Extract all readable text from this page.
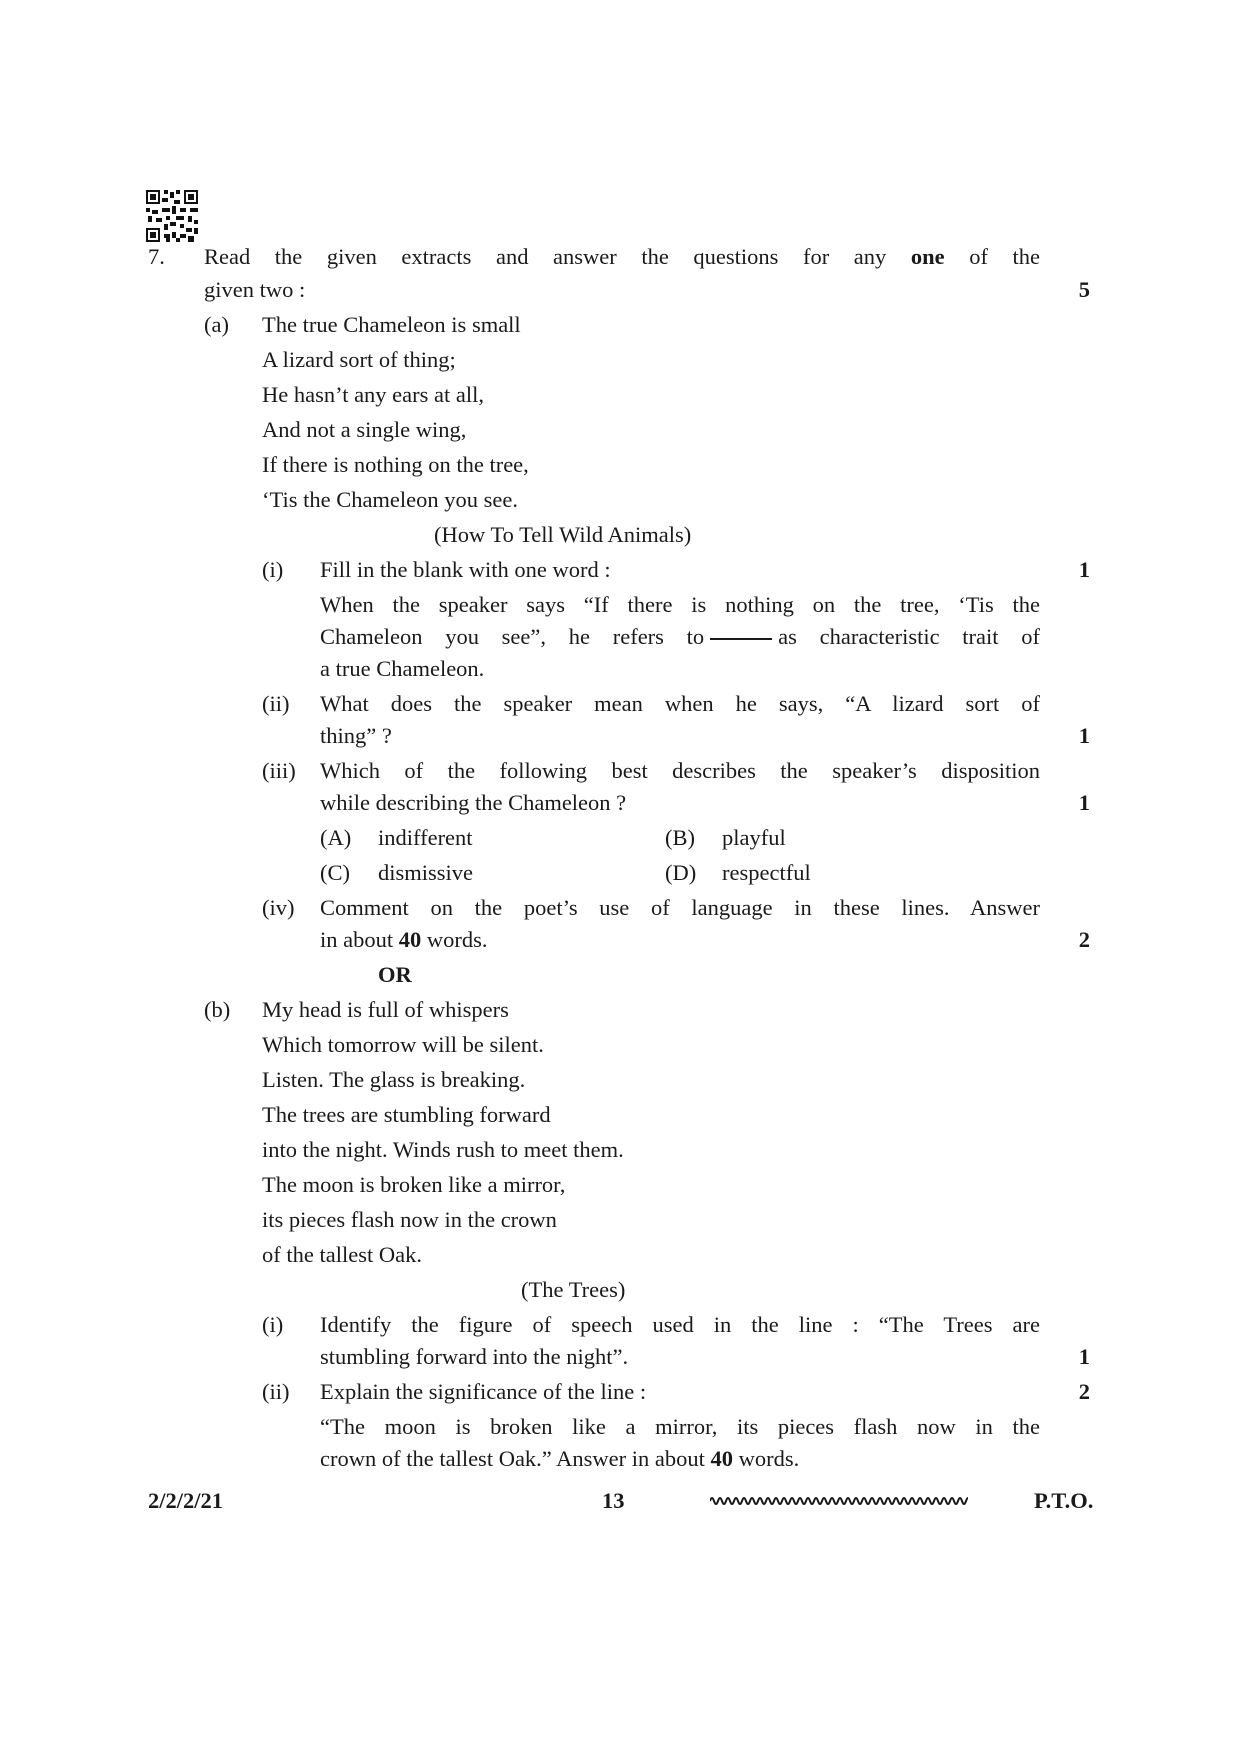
7. Read the given extracts and answer the questions for any one of the
given two :	5
(a) The true Chameleon is small
A lizard sort of thing;
He hasn’t any ears at all,
And not a single wing,
If there is nothing on the tree,
‘Tis the Chameleon you see.
(How To Tell Wild Animals)
(i) Fill in the blank with one word :	1
When the speaker says “If there is nothing on the tree, ‘Tis the
Chameleon you see”, he refers to	as characteristic trait of
a true Chameleon.
(ii) What does the speaker mean when he says, “A lizard sort of
thing” ?	1
(iii) Which of the following best describes the speaker’s disposition
while describing the Chameleon ?	1
(A) indifferent	(B) playful
(C) dismissive	(D) respectful
(iv) Comment on the poet’s use of language in these lines. Answer
in about 40 words.	2
OR
(b) My head is full of whispers
Which tomorrow will be silent.
Listen. The glass is breaking.
The trees are stumbling forward
into the night. Winds rush to meet them.
The moon is broken like a mirror,
its pieces flash now in the crown
of the tallest Oak.
(The Trees)
(i) Identify the figure of speech used in the line : “The Trees are
stumbling forward into the night”.	1
(ii) Explain the significance of the line :	2
“The moon is broken like a mirror, its pieces flash now in the
crown of the tallest Oak.” Answer in about 40 words.
2/2/2/21	13	P.T.O.
